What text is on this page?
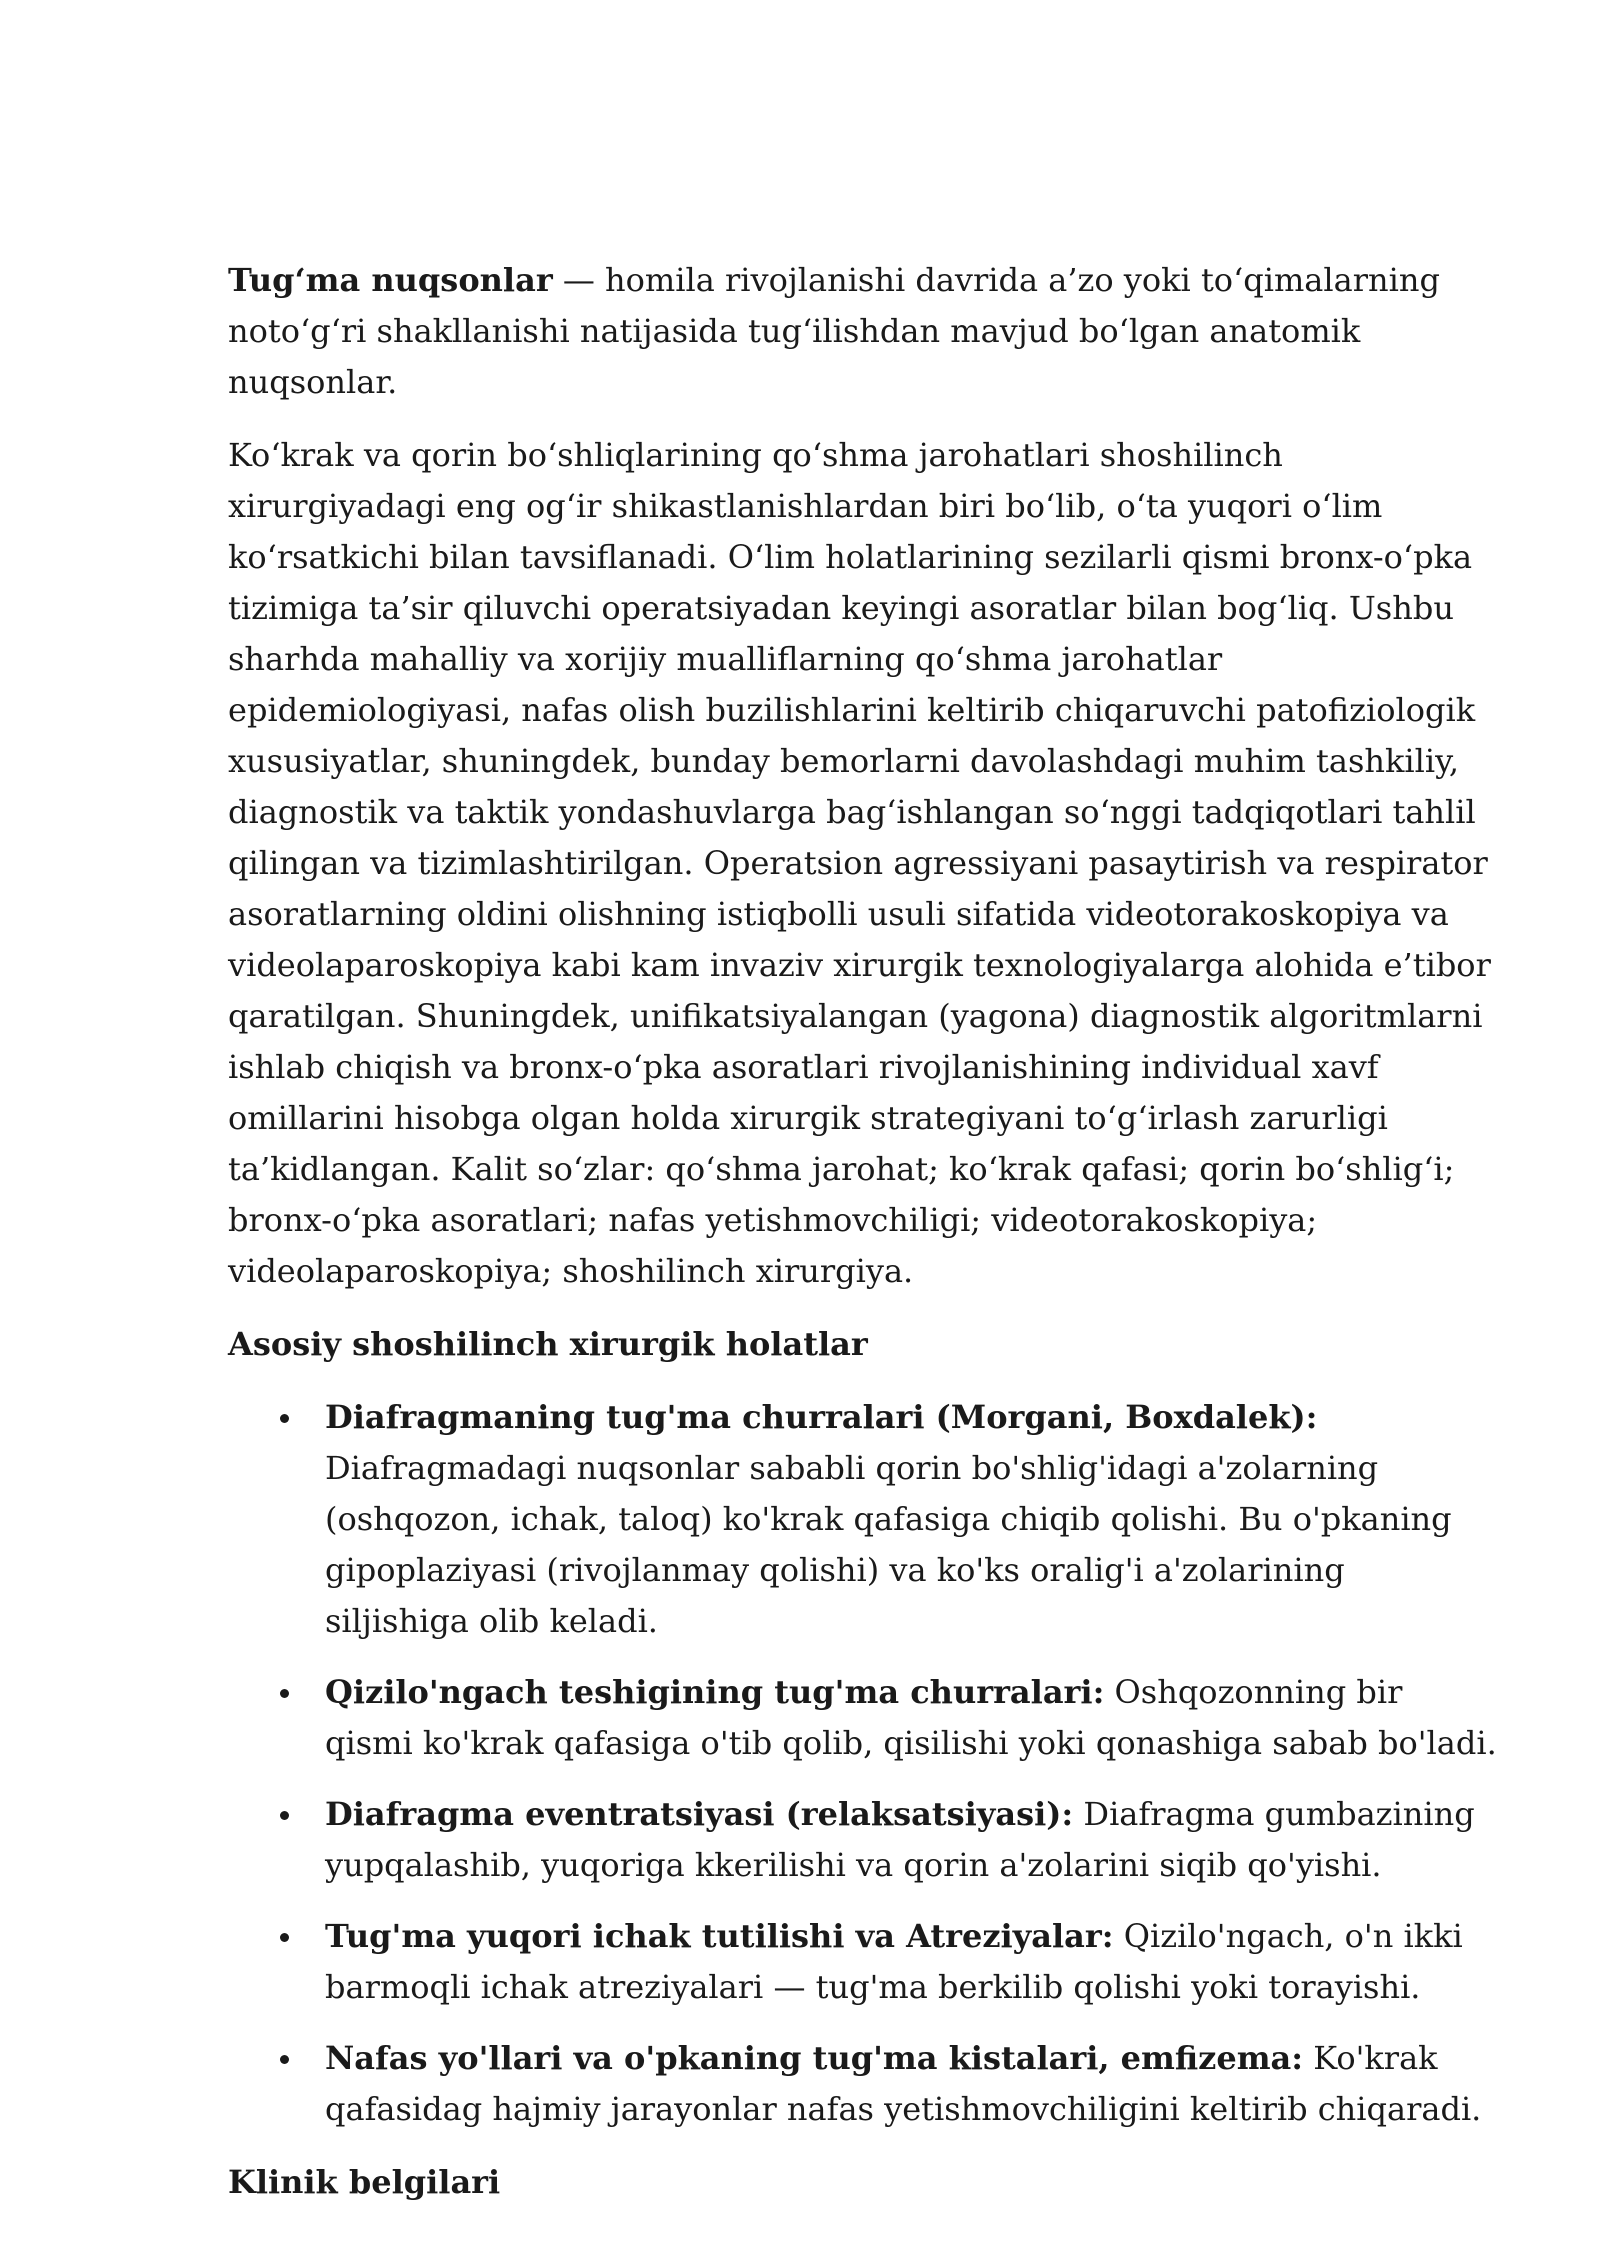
Tug‘ma nuqsonlar — homila rivojlanishi davrida a’zo yoki to‘qimalarning noto‘g‘ri shakllanishi natijasida tug‘ilishdan mavjud bo‘lgan anatomik nuqsonlar.

Ko‘krak va qorin bo‘shliqlarining qo‘shma jarohatlari shoshilinch xirurgiyadagi eng og‘ir shikastlanishlardan biri bo‘lib, o‘ta yuqori o‘lim ko‘rsatkichi bilan tavsiflanadi. O‘lim holatlarining sezilarli qismi bronx-o‘pka tizimiga ta’sir qiluvchi operatsiyadan keyingi asoratlar bilan bog‘liq. Ushbu sharhda mahalliy va xorijiy mualliflarning qo‘shma jarohatlar epidemiologiyasi, nafas olish buzilishlarini keltirib chiqaruvchi patofiziologik xususiyatlar, shuningdek, bunday bemorlarni davolashdagi muhim tashkiliy, diagnostik va taktik yondashuvlarga bag‘ishlangan so‘nggi tadqiqotlari tahlil qilingan va tizimlashtirilgan. Operatsion agressiyani pasaytirish va respirator asoratlarning oldini olishning istiqbolli usuli sifatida videotorakoskopiya va videolaparoskopiya kabi kam invaziv xirurgik texnologiyalarga alohida e’tibor qaratilgan. Shuningdek, unifikatsiyalangan (yagona) diagnostik algoritmlarni ishlab chiqish va bronx-o‘pka asoratlari rivojlanishining individual xavf omillarini hisobga olgan holda xirurgik strategiyani to‘g‘irlash zarurligi ta’kidlangan. Kalit so‘zlar: qo‘shma jarohat; ko‘krak qafasi; qorin bo‘shlig‘i; bronx-o‘pka asoratlari; nafas yetishmovchiligi; videotorakoskopiya; videolaparoskopiya; shoshilinch xirurgiya.

Asosiy shoshilinch xirurgik holatlar
Diafragmaning tug'ma churralari (Morgani, Boxdalek): Diafragmadagi nuqsonlar sababli qorin bo'shlig'idagi a'zolarning (oshqozon, ichak, taloq) ko'krak qafasiga chiqib qolishi. Bu o'pkaning gipoplaziyasi (rivojlanmay qolishi) va ko'ks oralig'i a'zolarining siljishiga olib keladi.
Qizilo'ngach teshigining tug'ma churralari: Oshqozonning bir qismi ko'krak qafasiga o'tib qolib, qisilishi yoki qonashiga sabab bo'ladi.
Diafragma eventratsiyasi (relaksatsiyasi): Diafragma gumbazining yupqalashib, yuqoriga kkerilishi va qorin a'zolarini siqib qo'yishi.
Tug'ma yuqori ichak tutilishi va Atreziyalar: Qizilo'ngach, o'n ikki barmoqli ichak atreziyalari — tug'ma berkilib qolishi yoki torayishi.
Nafas yo'llari va o'pkaning tug'ma kistalari, emfizema: Ko'krak qafasidag hajmiy jarayonlar nafas yetishmovchiligini keltirib chiqaradi.
Klinik belgilari
